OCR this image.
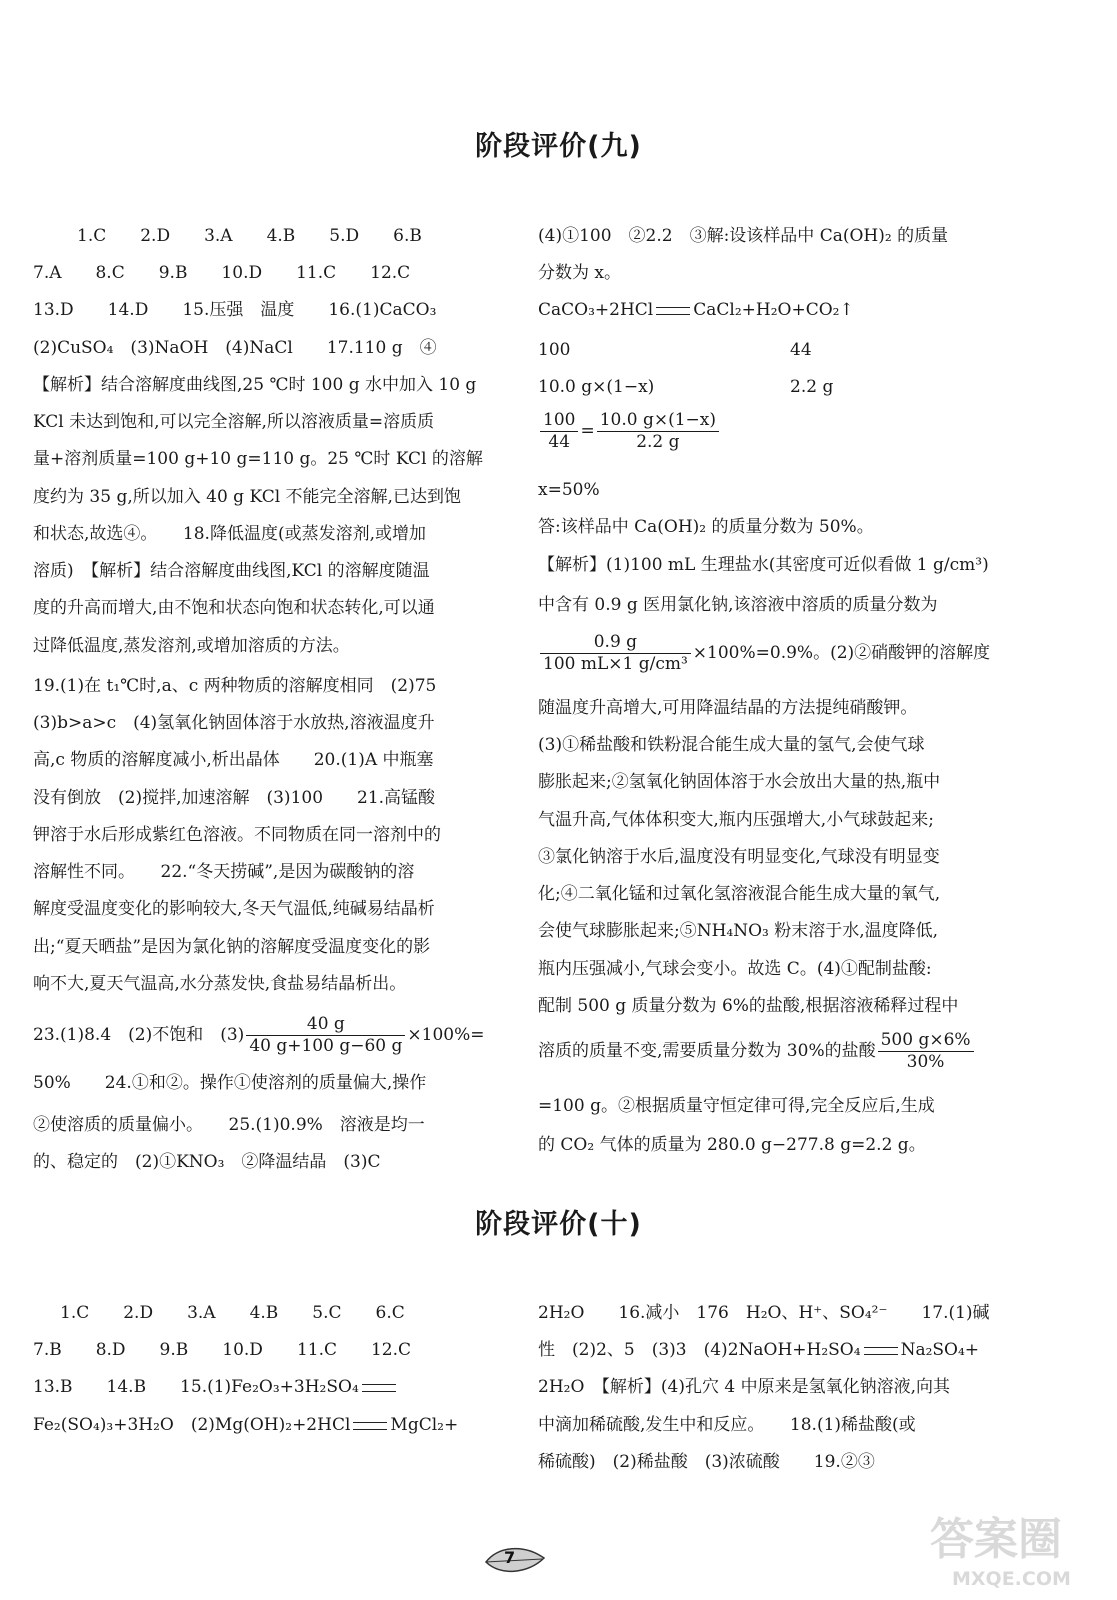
阶段评价(九)
1.C　　2.D　　3.A　　4.B　　5.D　　6.B
7.A　　8.C　　9.B　　10.D　　11.C　　12.C
13.D　　14.D　　15.压强　温度　　16.(1)CaCO₃
(2)CuSO₄　(3)NaOH　(4)NaCl　　17.110 g　④
【解析】结合溶解度曲线图,25 ℃时 100 g 水中加入 10 g
KCl 未达到饱和,可以完全溶解,所以溶液质量=溶质质
量+溶剂质量=100 g+10 g=110 g。25 ℃时 KCl 的溶解
度约为 35 g,所以加入 40 g KCl 不能完全溶解,已达到饱
和状态,故选④。　　18.降低温度(或蒸发溶剂,或增加
溶质)　【解析】结合溶解度曲线图,KCl 的溶解度随温
度的升高而增大,由不饱和状态向饱和状态转化,可以通
过降低温度,蒸发溶剂,或增加溶质的方法。
19.(1)在 t₁℃时,a、c 两种物质的溶解度相同　(2)75
(3)b>a>c　(4)氢氧化钠固体溶于水放热,溶液温度升
高,c 物质的溶解度减小,析出晶体　　20.(1)A 中瓶塞
没有倒放　(2)搅拌,加速溶解　(3)100　　21.高锰酸
钾溶于水后形成紫红色溶液。不同物质在同一溶剂中的
溶解性不同。　　22.“冬天捞碱”,是因为碳酸钠的溶
解度受温度变化的影响较大,冬天气温低,纯碱易结晶析
出;“夏天晒盐”是因为氯化钠的溶解度受温度变化的影
响不大,夏天气温高,水分蒸发快,食盐易结晶析出。
23.(1)8.4　(2)不饱和　$(3) \frac{40 g}{40 g+100 g-60 g} \times 100\%=$
50%　　24.①和②。操作①使溶剂的质量偏大,操作
②使溶质的质量偏小。　　25.(1)0.9%　溶液是均一
的、稳定的　(2)①KNO₃　②降温结晶　(3)C
(4)①100　②2.2　③解:设该样品中 Ca(OH)₂ 的质量
分数为 x。
CaCO₃+2HCl CaCl₂+H₂O+CO₂↑
100	44
10.0 g×(1−x)	2.2 g
$\frac{100}{44} = \frac{10.0 g\times(1-x)}{2.2 g}$
x=50%
答:该样品中 Ca(OH)₂ 的质量分数为 50%。
【解析】(1)100 mL 生理盐水(其密度可近似看做 1 g/cm³)
中含有 0.9 g 医用氯化钠,该溶液中溶质的质量分数为
$\frac{0.9 g}{\text{100 mL×1 g/cm³}} \times 100\%=0.9\%$。(2)②硝酸钾的溶解度
随温度升高增大,可用降温结晶的方法提纯硝酸钾。
(3)①稀盐酸和铁粉混合能生成大量的氢气,会使气球
膨胀起来;②氢氧化钠固体溶于水会放出大量的热,瓶中
气温升高,气体体积变大,瓶内压强增大,小气球鼓起来;
③氯化钠溶于水后,温度没有明显变化,气球没有明显变
化;④二氧化锰和过氧化氢溶液混合能生成大量的氧气,
会使气球膨胀起来;⑤NH₄NO₃ 粉末溶于水,温度降低,
瓶内压强减小,气球会变小。故选 C。(4)①配制盐酸:
配制 500 g 质量分数为 6%的盐酸,根据溶液稀释过程中
溶质的质量不变,需要质量分数为 30%的盐酸 $\frac{500 g\times 6\%}{30\%}$
=100 g。②根据质量守恒定律可得,完全反应后,生成
的 CO₂ 气体的质量为 280.0 g−277.8 g=2.2 g。
阶段评价(十)
1.C　　2.D　　3.A　　4.B　　5.C　　6.C
7.B　　8.D　　9.B　　10.D　　11.C　　12.C
13.B　　14.B　　15.(1)Fe₂O₃+3H₂SO₄
Fe₂(SO₄)₃+3H₂O　(2)Mg(OH)₂+2HCl MgCl₂+
2H₂O　　16.减小　176　H₂O、H⁺、SO₄²⁻　　17.(1)碱
性　(2)2、5　(3)3　(4)2NaOH+H₂SO₄ Na₂SO₄+
2H₂O　【解析】(4)孔穴 4 中原来是氢氧化钠溶液,向其
中滴加稀硫酸,发生中和反应。　　18.(1)稀盐酸(或
稀硫酸)　(2)稀盐酸　(3)浓硫酸　　19.②③
7	答案圈
MXQE.COM
